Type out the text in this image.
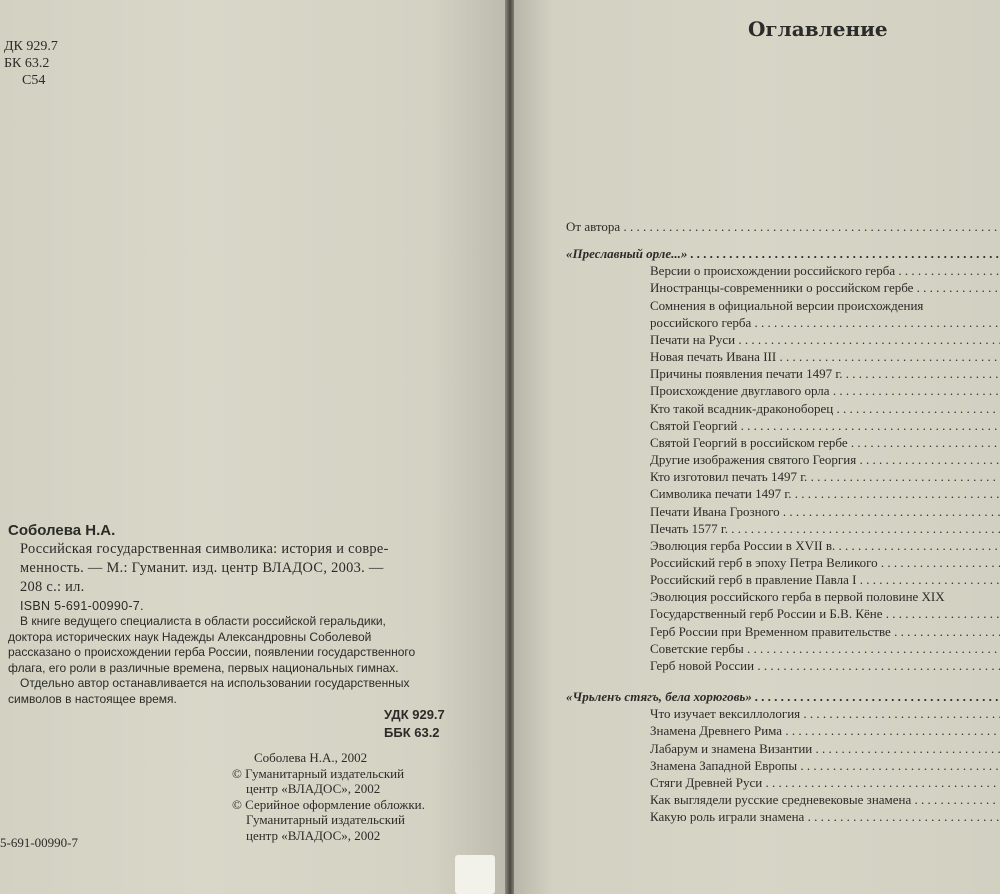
ДК 929.7
БК 63.2
С54
Соболева Н.А.
Российская государственная символика: история и совре-
менность. — М.: Гуманит. изд. центр ВЛАДОС, 2003. —
208 с.: ил.
ISBN 5-691-00990-7.
В книге ведущего специалиста в области российской геральдики,
доктора исторических наук Надежды Александровны Соболевой
рассказано о происхождении герба России, появлении государственного
флага, его роли в различные времена, первых национальных гимнах.
Отдельно автор останавливается на использовании государственных
символов в настоящее время.
УДК 929.7
ББК 63.2
Соболева Н.А., 2002
© Гуманитарный издательский
центр «ВЛАДОС», 2002
© Серийное оформление обложки.
Гуманитарный издательский
центр «ВЛАДОС», 2002
5-691-00990-7
Оглавление
От автора . . .
«Преславный орле...» . . .
Версии о происхождении российского герба . . .
Иностранцы-современники о российском гербе . . .
Сомнения в официальной версии происхождения
российского герба . . .
Печати на Руси . . .
Новая печать Ивана III . . .
Причины появления печати 1497 г. . . .
Происхождение двуглавого орла . . .
Кто такой всадник-драконоборец . . .
Святой Георгий . . .
Святой Георгий в российском гербе . . .
Другие изображения святого Георгия . . .
Кто изготовил печать 1497 г. . . .
Символика печати 1497 г. . . .
Печати Ивана Грозного . . .
Печать 1577 г. . . .
Эволюция герба России в XVII в. . . .
Российский герб в эпоху Петра Великого . . .
Российский герб в правление Павла I . . .
Эволюция российского герба в первой половине XIX
Государственный герб России и Б.В. Кёне . . .
Герб России при Временном правительстве . . .
Советские гербы . . .
Герб новой России . . .
«Чрьленъ стягъ, бела хорюговь» . . .
Что изучает вексиллология . . .
Знамена Древнего Рима . . .
Лабарум и знамена Византии . . .
Знамена Западной Европы . . .
Стяги Древней Руси . . .
Как выглядели русские средневековые знамена . . .
Какую роль играли знамена . . .
